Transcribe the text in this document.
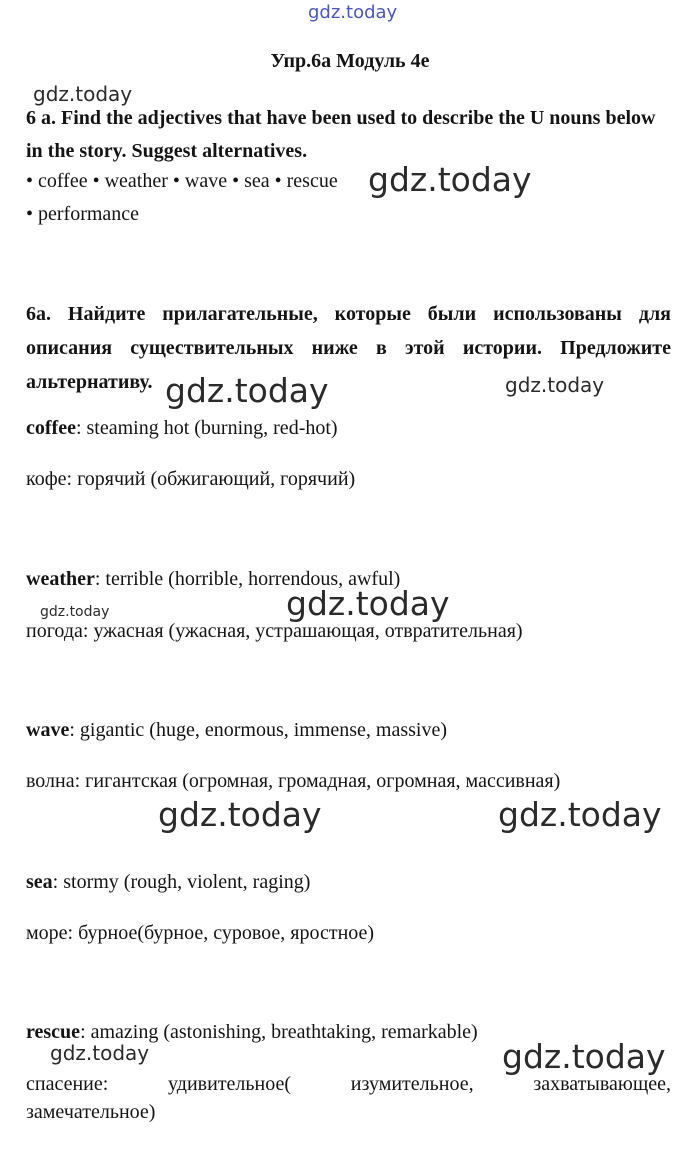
gdz.today
gdz.today
gdz.today
gdz.today	gdz.today
gdz.today	gdz.today
gdz.today	gdz.today
gdz.today	gdz.today
Упр.6а Модуль 4е
6 a. Find the adjectives that have been used to describe the U nouns below in the story. Suggest alternatives.
• coffee • weather • wave • sea • rescue
• performance
6a. Найдите прилагательные, которые были использованы для описания существительных ниже в этой истории. Предложите альтернативу.
coffee: steaming hot (burning, red-hot)
кофе: горячий (обжигающий, горячий)
weather: terrible (horrible, horrendous, awful)
погода: ужасная (ужасная, устрашающая, отвратительная)
wave: gigantic (huge, enormous, immense, massive)
волна: гигантская (огромная, громадная, огромная, массивная)
sea: stormy (rough, violent, raging)
море: бурное(бурное, суровое, яростное)
rescue: amazing (astonishing, breathtaking, remarkable)
спасение: удивительное( изумительное, захватывающее,
замечательное)
